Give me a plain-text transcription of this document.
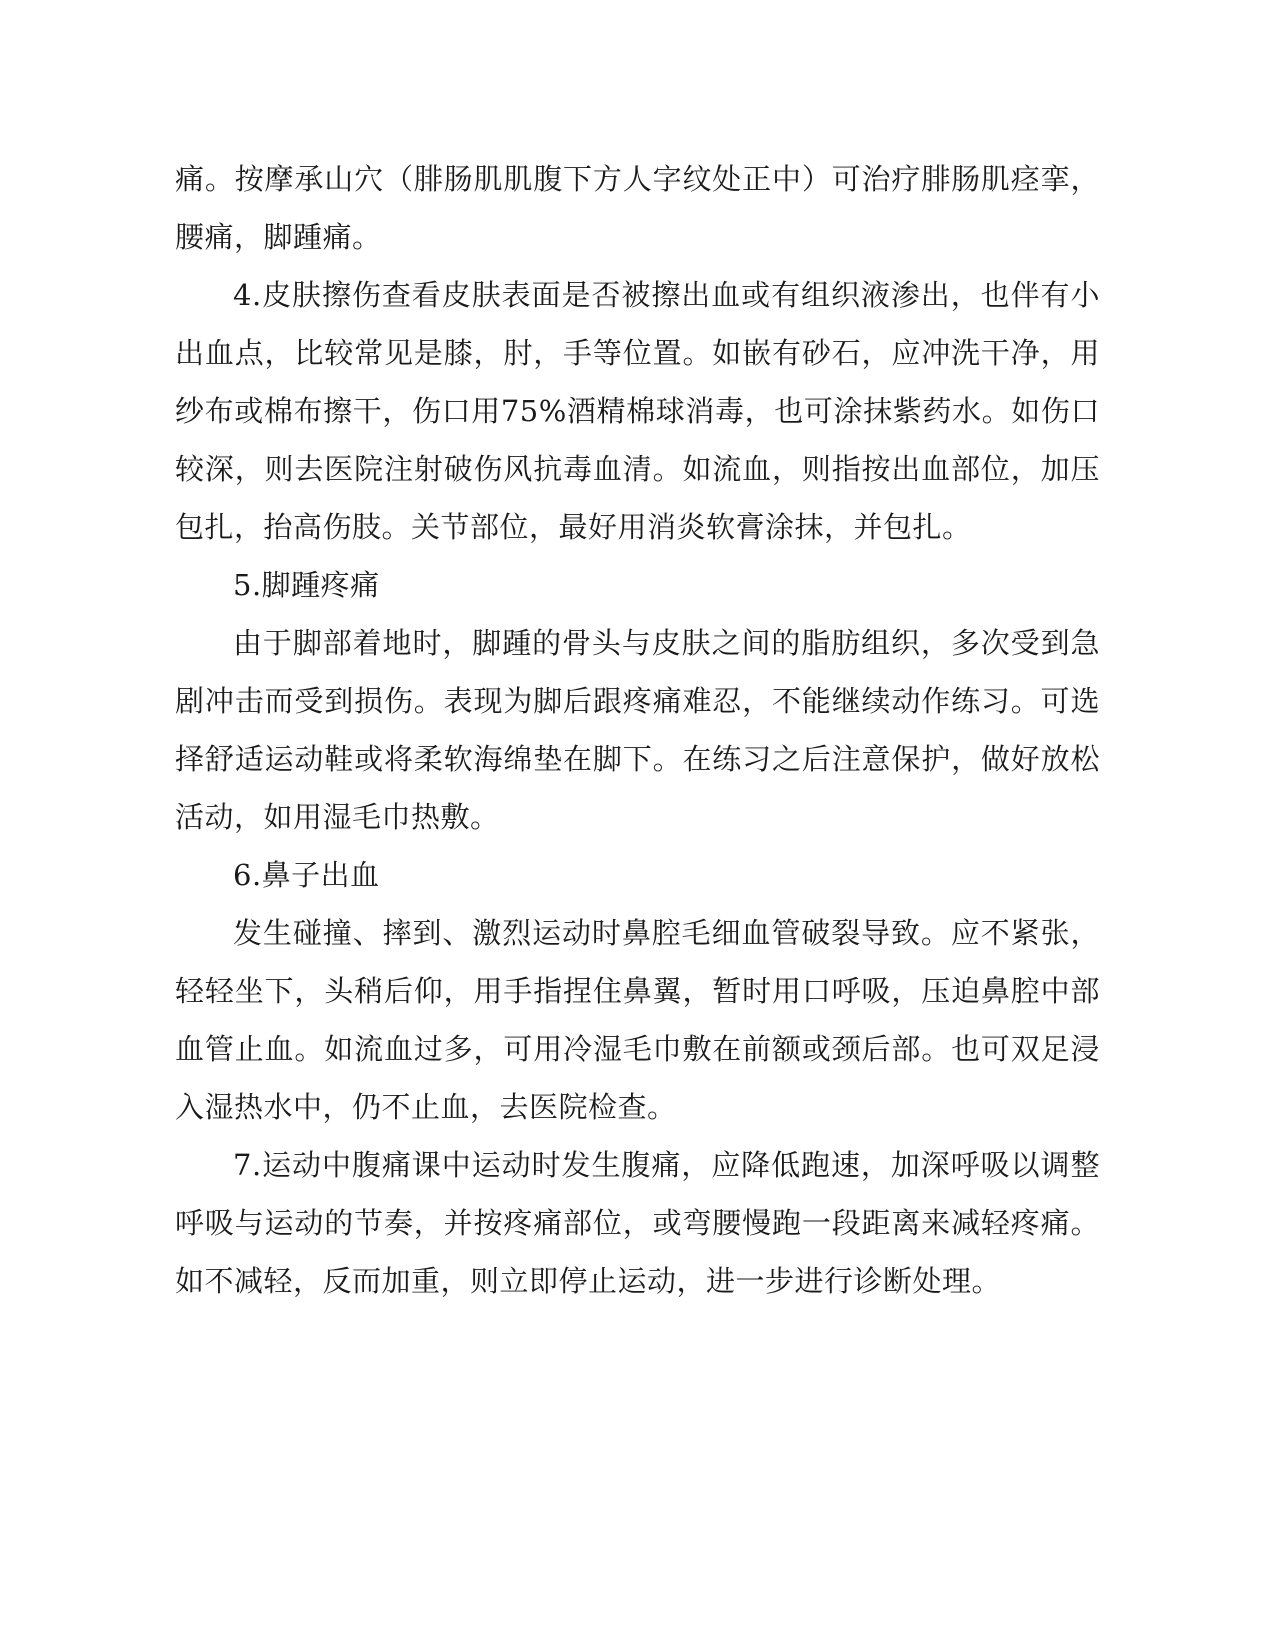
痛。按摩承山穴（腓肠肌肌腹下方人字纹处正中）可治疗腓肠肌痉挛，腰痛，脚踵痛。

4.皮肤擦伤查看皮肤表面是否被擦出血或有组织液渗出，也伴有小出血点，比较常见是膝，肘，手等位置。如嵌有砂石，应冲洗干净，用纱布或棉布擦干，伤口用75%酒精棉球消毒，也可涂抹紫药水。如伤口较深，则去医院注射破伤风抗毒血清。如流血，则指按出血部位，加压包扎，抬高伤肢。关节部位，最好用消炎软膏涂抹，并包扎。

5.脚踵疼痛

由于脚部着地时，脚踵的骨头与皮肤之间的脂肪组织，多次受到急剧冲击而受到损伤。表现为脚后跟疼痛难忍，不能继续动作练习。可选择舒适运动鞋或将柔软海绵垫在脚下。在练习之后注意保护，做好放松活动，如用湿毛巾热敷。

6.鼻子出血

发生碰撞、摔到、激烈运动时鼻腔毛细血管破裂导致。应不紧张，轻轻坐下，头稍后仰，用手指捏住鼻翼，暂时用口呼吸，压迫鼻腔中部血管止血。如流血过多，可用冷湿毛巾敷在前额或颈后部。也可双足浸入湿热水中，仍不止血，去医院检查。

7.运动中腹痛课中运动时发生腹痛，应降低跑速，加深呼吸以调整呼吸与运动的节奏，并按疼痛部位，或弯腰慢跑一段距离来减轻疼痛。如不减轻，反而加重，则立即停止运动，进一步进行诊断处理。
